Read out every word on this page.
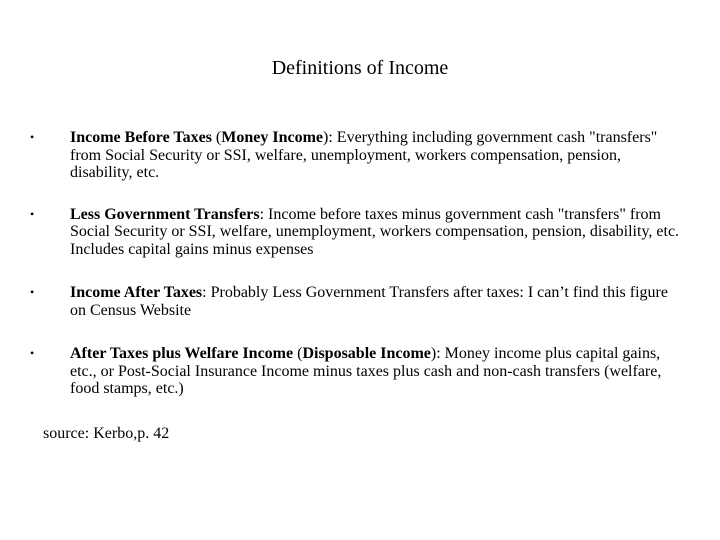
Definitions of Income
• Income Before Taxes (Money Income): Everything including government cash "transfers" from Social Security or SSI, welfare, unemployment, workers compensation, pension, disability, etc.
• Less Government Transfers: Income before taxes minus government cash "transfers" from Social Security or SSI, welfare, unemployment, workers compensation, pension, disability, etc. Includes capital gains minus expenses
• Income After Taxes: Probably Less Government Transfers after taxes: I can’t find this figure on Census Website
• After Taxes plus Welfare Income (Disposable Income): Money income plus capital gains, etc., or Post-Social Insurance Income minus taxes plus cash and non-cash transfers (welfare, food stamps, etc.)
source: Kerbo,p. 42
